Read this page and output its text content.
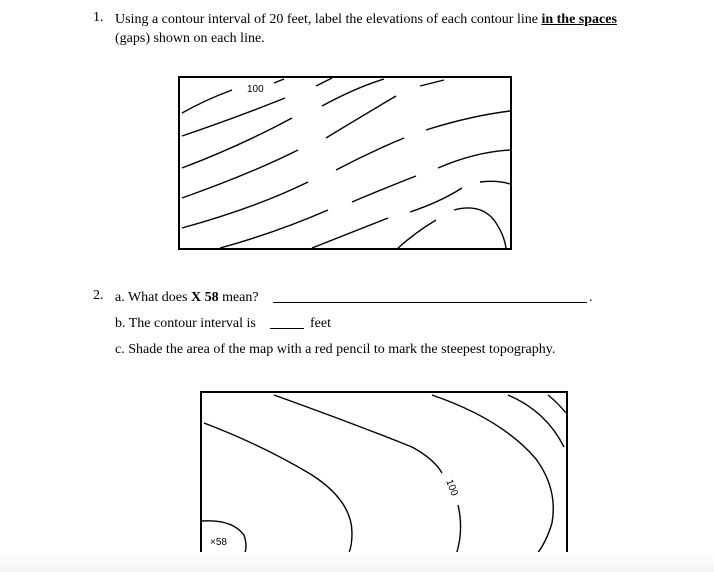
1. Using a contour interval of 20 feet, label the elevations of each contour line in the spaces
(gaps) shown on each line.
100
2. a. What does X 58 mean?	.
b. The contour interval is	feet
c. Shade the area of the map with a red pencil to mark the steepest topography.
100
×58
